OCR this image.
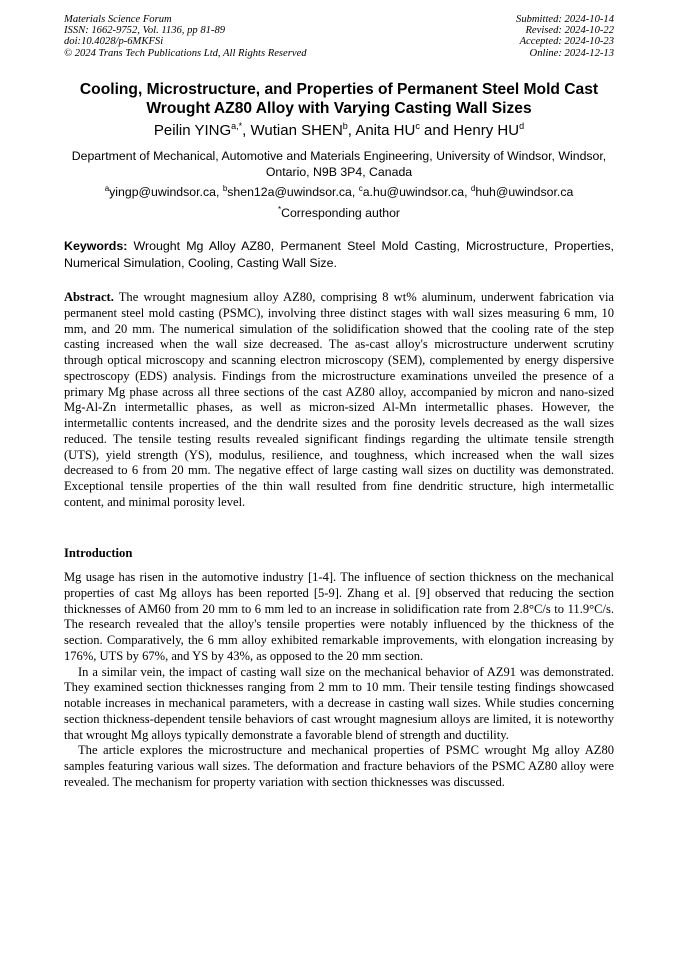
Materials Science Forum
ISSN: 1662-9752, Vol. 1136, pp 81-89
doi:10.4028/p-6MKFSi
© 2024 Trans Tech Publications Ltd, All Rights Reserved
Submitted: 2024-10-14
Revised: 2024-10-22
Accepted: 2024-10-23
Online: 2024-12-13
Cooling, Microstructure, and Properties of Permanent Steel Mold Cast Wrought AZ80 Alloy with Varying Casting Wall Sizes
Peilin $YING^{a,*}$, Wutian SHEN$^b$, Anita $HU^c$ and Henry $HU^d$
Department of Mechanical, Automotive and Materials Engineering, University of Windsor, Windsor, Ontario, N9B 3P4, Canada
$^a$yingp@uwindsor.ca, $^b$shen12a@uwindsor.ca, $^c$a.hu@uwindsor.ca, $^d$huh@uwindsor.ca
*Corresponding author
Keywords: Wrought Mg Alloy AZ80, Permanent Steel Mold Casting, Microstructure, Properties, Numerical Simulation, Cooling, Casting Wall Size.
Abstract. The wrought magnesium alloy AZ80, comprising 8 wt% aluminum, underwent fabrication via permanent steel mold casting (PSMC), involving three distinct stages with wall sizes measuring 6 mm, 10 mm, and 20 mm. The numerical simulation of the solidification showed that the cooling rate of the step casting increased when the wall size decreased. The as-cast alloy's microstructure underwent scrutiny through optical microscopy and scanning electron microscopy (SEM), complemented by energy dispersive spectroscopy (EDS) analysis. Findings from the microstructure examinations unveiled the presence of a primary Mg phase across all three sections of the cast AZ80 alloy, accompanied by micron and nano-sized Mg-Al-Zn intermetallic phases, as well as micron-sized Al-Mn intermetallic phases. However, the intermetallic contents increased, and the dendrite sizes and the porosity levels decreased as the wall sizes reduced. The tensile testing results revealed significant findings regarding the ultimate tensile strength (UTS), yield strength (YS), modulus, resilience, and toughness, which increased when the wall sizes decreased to 6 from 20 mm. The negative effect of large casting wall sizes on ductility was demonstrated. Exceptional tensile properties of the thin wall resulted from fine dendritic structure, high intermetallic content, and minimal porosity level.
Introduction

Mg usage has risen in the automotive industry [1-4]. The influence of section thickness on the mechanical properties of cast Mg alloys has been reported [5-9]. Zhang et al. [9] observed that reducing the section thicknesses of AM60 from 20 mm to 6 mm led to an increase in solidification rate from 2.8°C/s to 11.9°C/s. The research revealed that the alloy's tensile properties were notably influenced by the thickness of the section. Comparatively, the 6 mm alloy exhibited remarkable improvements, with elongation increasing by 176%, UTS by 67%, and YS by 43%, as opposed to the 20 mm section.

In a similar vein, the impact of casting wall size on the mechanical behavior of AZ91 was demonstrated. They examined section thicknesses ranging from 2 mm to 10 mm. Their tensile testing findings showcased notable increases in mechanical parameters, with a decrease in casting wall sizes. While studies concerning section thickness-dependent tensile behaviors of cast wrought magnesium alloys are limited, it is noteworthy that wrought Mg alloys typically demonstrate a favorable blend of strength and ductility.

The article explores the microstructure and mechanical properties of PSMC wrought Mg alloy AZ80 samples featuring various wall sizes. The deformation and fracture behaviors of the PSMC AZ80 alloy were revealed. The mechanism for property variation with section thicknesses was discussed.
